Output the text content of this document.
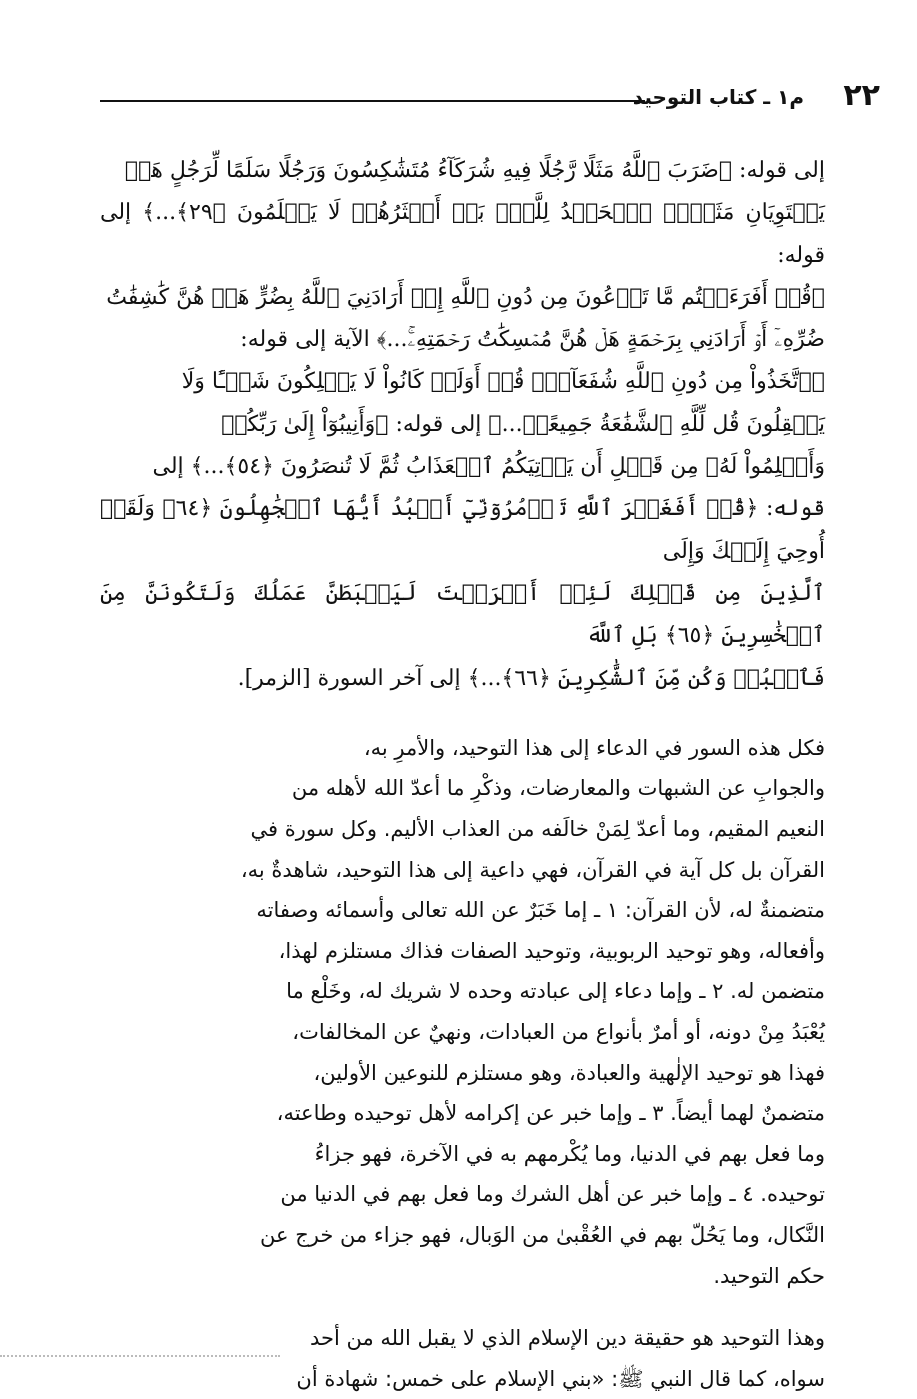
٢٢
م١ ـ كتاب التوحيد

إلى قوله: ﴿ضَرَبَ ٱللَّهُ مَثَلًا رَّجُلًا فِيهِ شُرَكَآءُ مُتَشَٰكِسُونَ وَرَجُلًا سَلَمًا لِّرَجُلٍ هَلۡ
يَسۡتَوِيَانِ مَثَلًاۚ ٱلۡحَمۡدُ لِلَّهِۚ بَلۡ أَكۡثَرُهُمۡ لَا يَعۡلَمُونَ ﴿٢٩﴾...﴾ إلى قوله:
﴿قُلۡ أَفَرَءَيۡتُم مَّا تَدۡعُونَ مِن دُونِ ٱللَّهِ إِنۡ أَرَادَنِيَ ٱللَّهُ بِضُرٍّ هَلۡ هُنَّ كَٰشِفَٰتُ
ضُرِّهِۦٓ أَوۡ أَرَادَنِي بِرَحۡمَةٍ هَلۡ هُنَّ مُمۡسِكَٰتُ رَحۡمَتِهِۦۚ...﴾ الآية إلى قوله:
﴿ٱتَّخَذُواْ مِن دُونِ ٱللَّهِ شُفَعَآءَۚ قُلۡ أَوَلَوۡ كَانُواْ لَا يَمۡلِكُونَ شَيۡـًٔا وَلَا
يَعۡقِلُونَ قُل لِّلَّهِ ٱلشَّفَٰعَةُ جَمِيعًاۖ...﴾ إلى قوله: ﴿وَأَنِيبُوٓاْ إِلَىٰ رَبِّكُمۡ
وَأَسۡلِمُواْ لَهُۥ مِن قَبۡلِ أَن يَأۡتِيَكُمُ ٱلۡعَذَابُ ثُمَّ لَا تُنصَرُونَ ﴿٥٤﴾...﴾ إلى
قوله: ﴿قُلۡ أَفَغَيۡرَ ٱللَّهِ تَأۡمُرُوٓنِّيٓ أَعۡبُدُ أَيُّهَا ٱلۡجَٰهِلُونَ ﴿٦٤﴾ وَلَقَدۡ أُوحِيَ إِلَيۡكَ وَإِلَى
ٱلَّذِينَ مِن قَبۡلِكَ لَئِنۡ أَشۡرَكۡتَ لَيَحۡبَطَنَّ عَمَلُكَ وَلَتَكُونَنَّ مِنَ ٱلۡخَٰسِرِينَ ﴿٦٥﴾ بَلِ ٱللَّهَ
فَٱعۡبُدۡ وَكُن مِّنَ ٱلشَّٰكِرِينَ ﴿٦٦﴾...﴾ إلى آخر السورة [الزمر].

فكل هذه السور في الدعاء إلى هذا التوحيد، والأمرِ به،
والجوابِ عن الشبهات والمعارضات، وذكْرِ ما أعدّ الله لأهله من
النعيم المقيم، وما أعدّ لِمَنْ خالَفه من العذاب الأليم. وكل سورة في
القرآن بل كل آية في القرآن، فهي داعية إلى هذا التوحيد، شاهدةٌ به،
متضمنةٌ له، لأن القرآن: ١ ـ إما خَبَرٌ عن الله تعالى وأسمائه وصفاته
وأفعاله، وهو توحيد الربوبية، وتوحيد الصفات فذاك مستلزم لهذا،
متضمن له. ٢ ـ وإما دعاء إلى عبادته وحده لا شريك له، وخَلْع ما
يُعْبَدُ مِنْ دونه، أو أمرٌ بأنواع من العبادات، ونهيٌ عن المخالفات،
فهذا هو توحيد الإلٰهية والعبادة، وهو مستلزم للنوعين الأولين،
متضمنٌ لهما أيضاً. ٣ ـ وإما خبر عن إكرامه لأهل توحيده وطاعته،
وما فعل بهم في الدنيا، وما يُكْرمهم به في الآخرة، فهو جزاءُ
توحيده. ٤ ـ وإما خبر عن أهل الشرك وما فعل بهم في الدنيا من
النَّكال، وما يَحُلّ بهم في العُقْبىٰ من الوَبال، فهو جزاء من خرج عن
حكم التوحيد.

وهذا التوحيد هو حقيقة دين الإسلام الذي لا يقبل الله من أحد
سواه، كما قال النبي ﷺ: «بني الإسلام على خمس: شهادة أن
